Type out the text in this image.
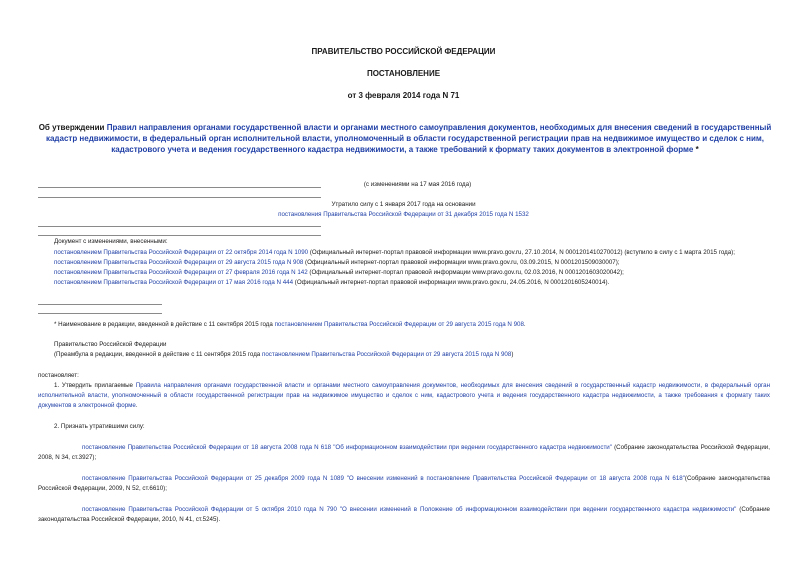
ПРАВИТЕЛЬСТВО РОССИЙСКОЙ ФЕДЕРАЦИИ
ПОСТАНОВЛЕНИЕ
от 3 февраля 2014 года N 71
Об утверждении Правил направления органами государственной власти и органами местного самоуправления документов, необходимых для внесения сведений в государственный кадастр недвижимости, в федеральный орган исполнительной власти, уполномоченный в области государственной регистрации прав на недвижимое имущество и сделок с ним, кадастрового учета и ведения государственного кадастра недвижимости, а также требований к формату таких документов в электронной форме *
(с изменениями на 17 мая 2016 года)
Утратило силу с 1 января 2017 года на основании
постановления Правительства Российской Федерации от 31 декабря 2015 года N 1532
Документ с изменениями, внесенными:
постановлением Правительства Российской Федерации от 22 октября 2014 года N 1090 (Официальный интернет-портал правовой информации www.pravo.gov.ru, 27.10.2014, N 0001201410270012) (вступило в силу с 1 марта 2015 года);
постановлением Правительства Российской Федерации от 29 августа 2015 года N 908 (Официальный интернет-портал правовой информации www.pravo.gov.ru, 03.09.2015, N 0001201509030007);
постановлением Правительства Российской Федерации от 27 февраля 2016 года N 142 (Официальный интернет-портал правовой информации www.pravo.gov.ru, 02.03.2016, N 0001201603020042);
постановлением Правительства Российской Федерации от 17 мая 2016 года N 444 (Официальный интернет-портал правовой информации www.pravo.gov.ru, 24.05.2016, N 0001201605240014).
* Наименование в редакции, введенной в действие с 11 сентября 2015 года постановлением Правительства Российской Федерации от 29 августа 2015 года N 908.
Правительство Российской Федерации
(Преамбула в редакции, введенной в действие с 11 сентября 2015 года постановлением Правительства Российской Федерации от 29 августа 2015 года N 908)
постановляет:
1. Утвердить прилагаемые Правила направления органами государственной власти и органами местного самоуправления документов, необходимых для внесения сведений в государственный кадастр недвижимости, в федеральный орган исполнительной власти, уполномоченный в области государственной регистрации прав на недвижимое имущество и сделок с ним, кадастрового учета и ведения государственного кадастра недвижимости, а также требования к формату таких документов в электронной форме.
2. Признать утратившими силу:
постановление Правительства Российской Федерации от 18 августа 2008 года N 618 "Об информационном взаимодействии при ведении государственного кадастра недвижимости" (Собрание законодательства Российской Федерации, 2008, N 34, ст.3927);
постановление Правительства Российской Федерации от 25 декабря 2009 года N 1089 "О внесении изменений в постановление Правительства Российской Федерации от 18 августа 2008 года N 618"(Собрание законодательства Российской Федерации, 2009, N 52, ст.6610);
постановление Правительства Российской Федерации от 5 октября 2010 года N 790 "О внесении изменений в Положение об информационном взаимодействии при ведении государственного кадастра недвижимости" (Собрание законодательства Российской Федерации, 2010, N 41, ст.5245).
